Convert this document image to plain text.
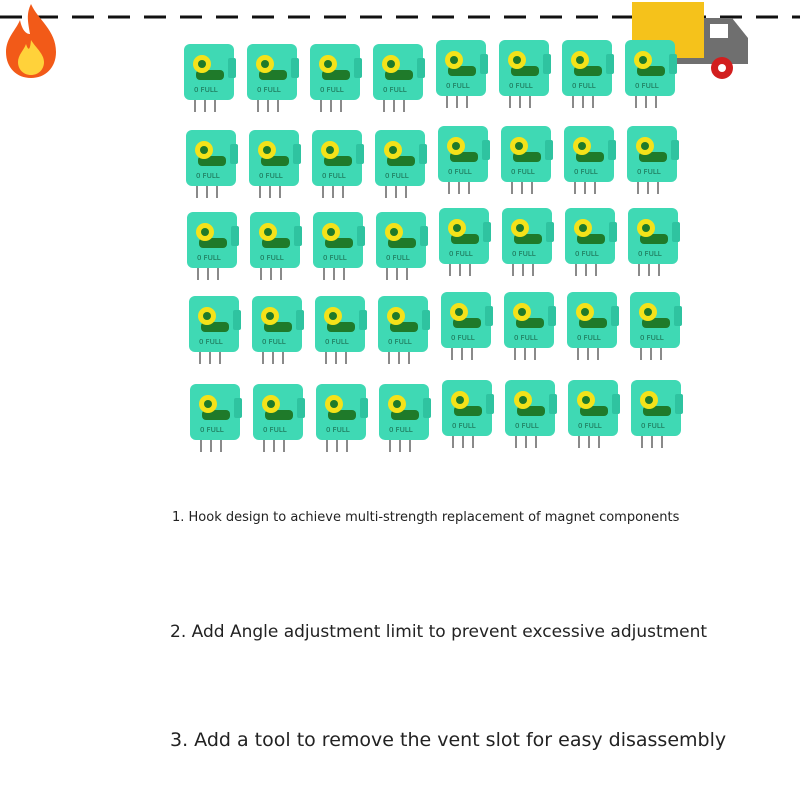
0 FULL	0 FULL	0 FULL	0 FULL	0 FULL	0 FULL	0 FULL	0 FULL
0 FULL	0 FULL	0 FULL	0 FULL	0 FULL	0 FULL	0 FULL	0 FULL
0 FULL	0 FULL	0 FULL	0 FULL	0 FULL	0 FULL	0 FULL	0 FULL
0 FULL	0 FULL	0 FULL	0 FULL	0 FULL	0 FULL	0 FULL	0 FULL
0 FULL	0 FULL	0 FULL	0 FULL	0 FULL	0 FULL	0 FULL	0 FULL
1. Hook design to achieve multi-strength replacement of magnet components
2. Add Angle adjustment limit to prevent excessive adjustment
3. Add a tool to remove the vent slot for easy disassembly
